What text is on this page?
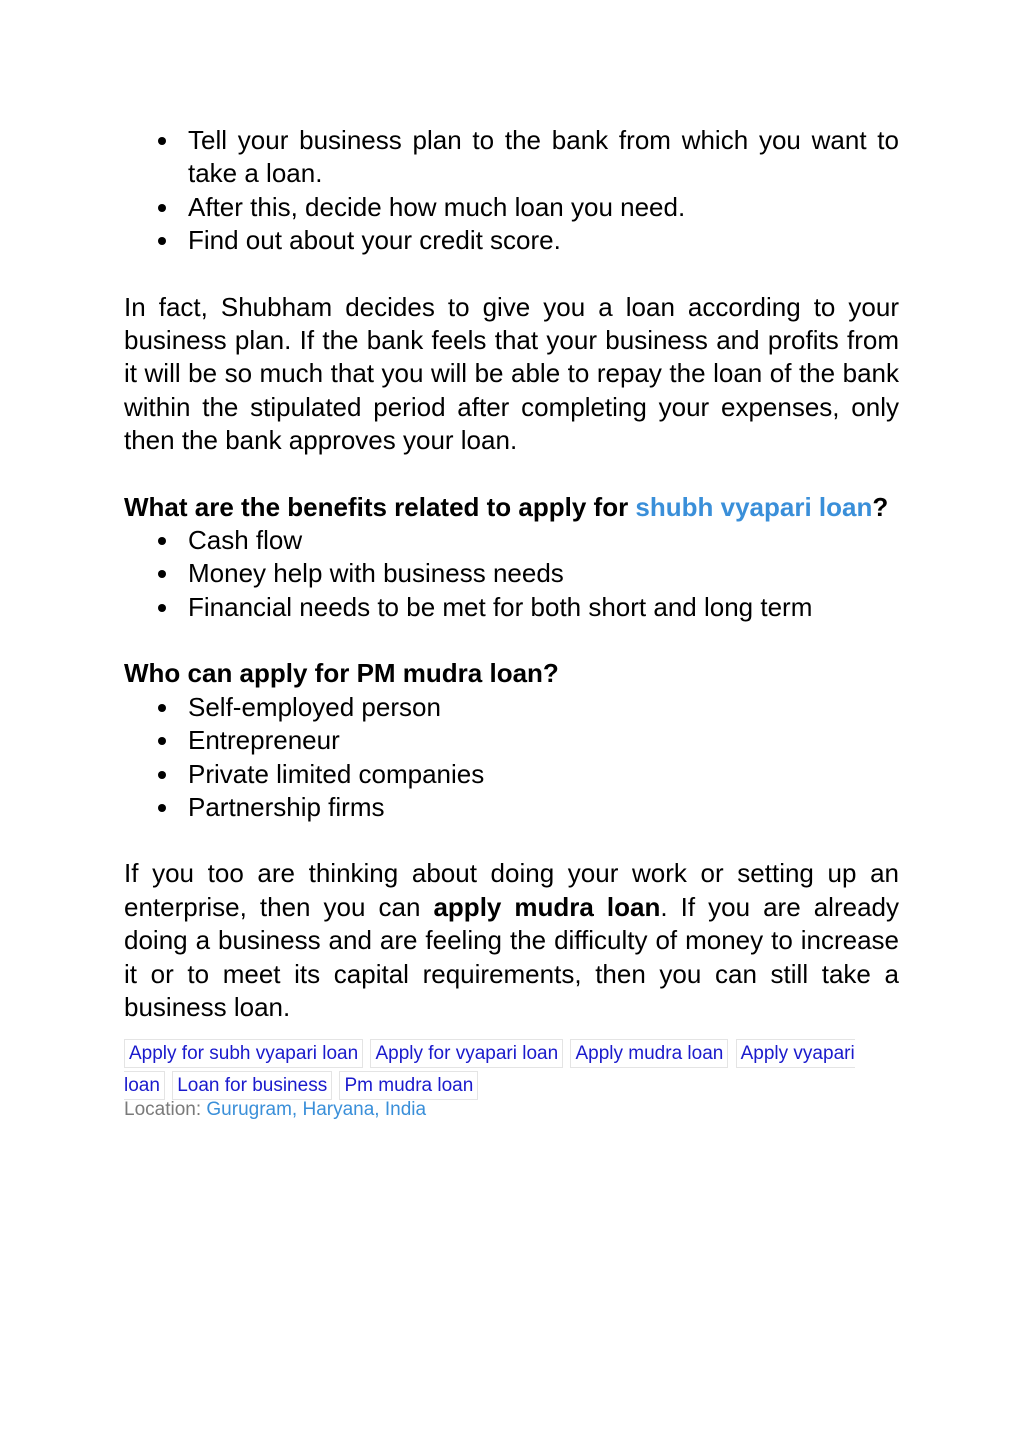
Tell your business plan to the bank from which you want to take a loan.
After this, decide how much loan you need.
Find out about your credit score.

In fact, Shubham decides to give you a loan according to your business plan. If the bank feels that your business and profits from it will be so much that you will be able to repay the loan of the bank within the stipulated period after completing your expenses, only then the bank approves your loan.

What are the benefits related to apply for shubh vyapari loan?

Cash flow
Money help with business needs
Financial needs to be met for both short and long term

Who can apply for PM mudra loan?

Self-employed person
Entrepreneur
Private limited companies
Partnership firms

If you too are thinking about doing your work or setting up an enterprise, then you can apply mudra loan. If you are already doing a business and are feeling the difficulty of money to increase it or to meet its capital requirements, then you can still take a business loan.

Apply for subh vyapari loan Apply for vyapari loan Apply mudra loan Apply vyapari loan Loan for business Pm mudra loan
Location: Gurugram, Haryana, India
